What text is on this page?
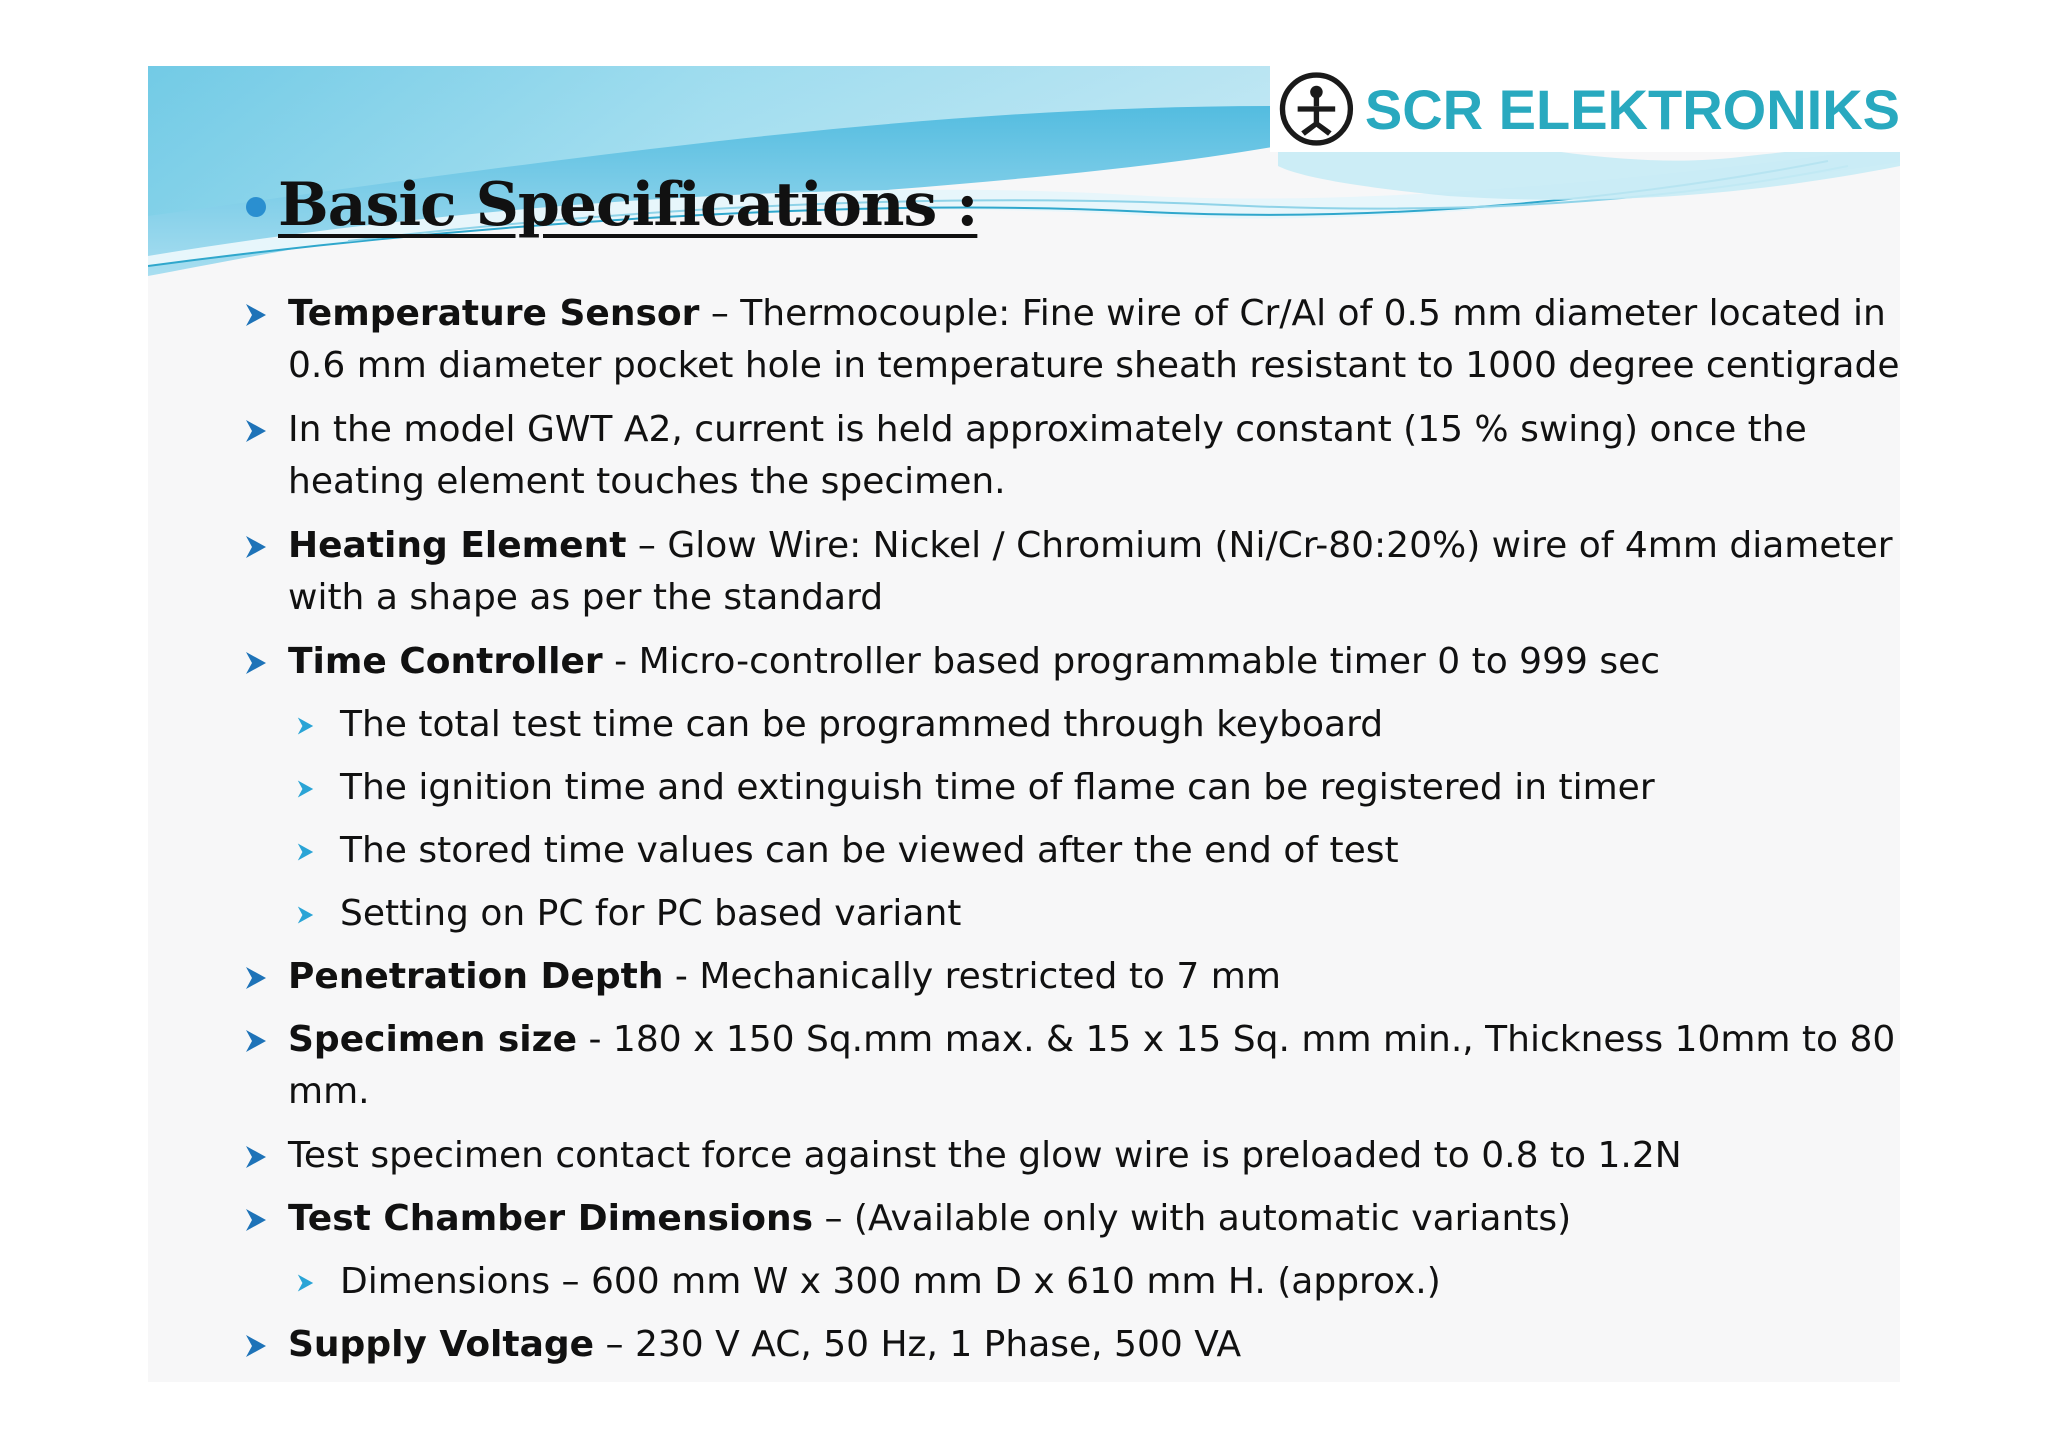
SCR ELEKTRONIKS
Basic Specifications :
Temperature Sensor – Thermocouple: Fine wire of Cr/Al of 0.5 mm diameter located in
0.6 mm diameter pocket hole in temperature sheath resistant to 1000 degree centigrade
In the model GWT A2, current is held approximately constant (15 % swing) once the
heating element touches the specimen.
Heating Element – Glow Wire: Nickel / Chromium (Ni/Cr-80:20%) wire of 4mm diameter
with a shape as per the standard
Time Controller - Micro-controller based programmable timer 0 to 999 sec
The total test time can be programmed through keyboard
The ignition time and extinguish time of flame can be registered in timer
The stored time values can be viewed after the end of test
Setting on PC for PC based variant
Penetration Depth - Mechanically restricted to 7 mm
Specimen size - 180 x 150 Sq.mm max. & 15 x 15 Sq. mm min., Thickness 10mm to 80
mm.
Test specimen contact force against the glow wire is preloaded to 0.8 to 1.2N
Test Chamber Dimensions – (Available only with automatic variants)
Dimensions – 600 mm W x 300 mm D x 610 mm H. (approx.)
Supply Voltage – 230 V AC, 50 Hz, 1 Phase, 500 VA
